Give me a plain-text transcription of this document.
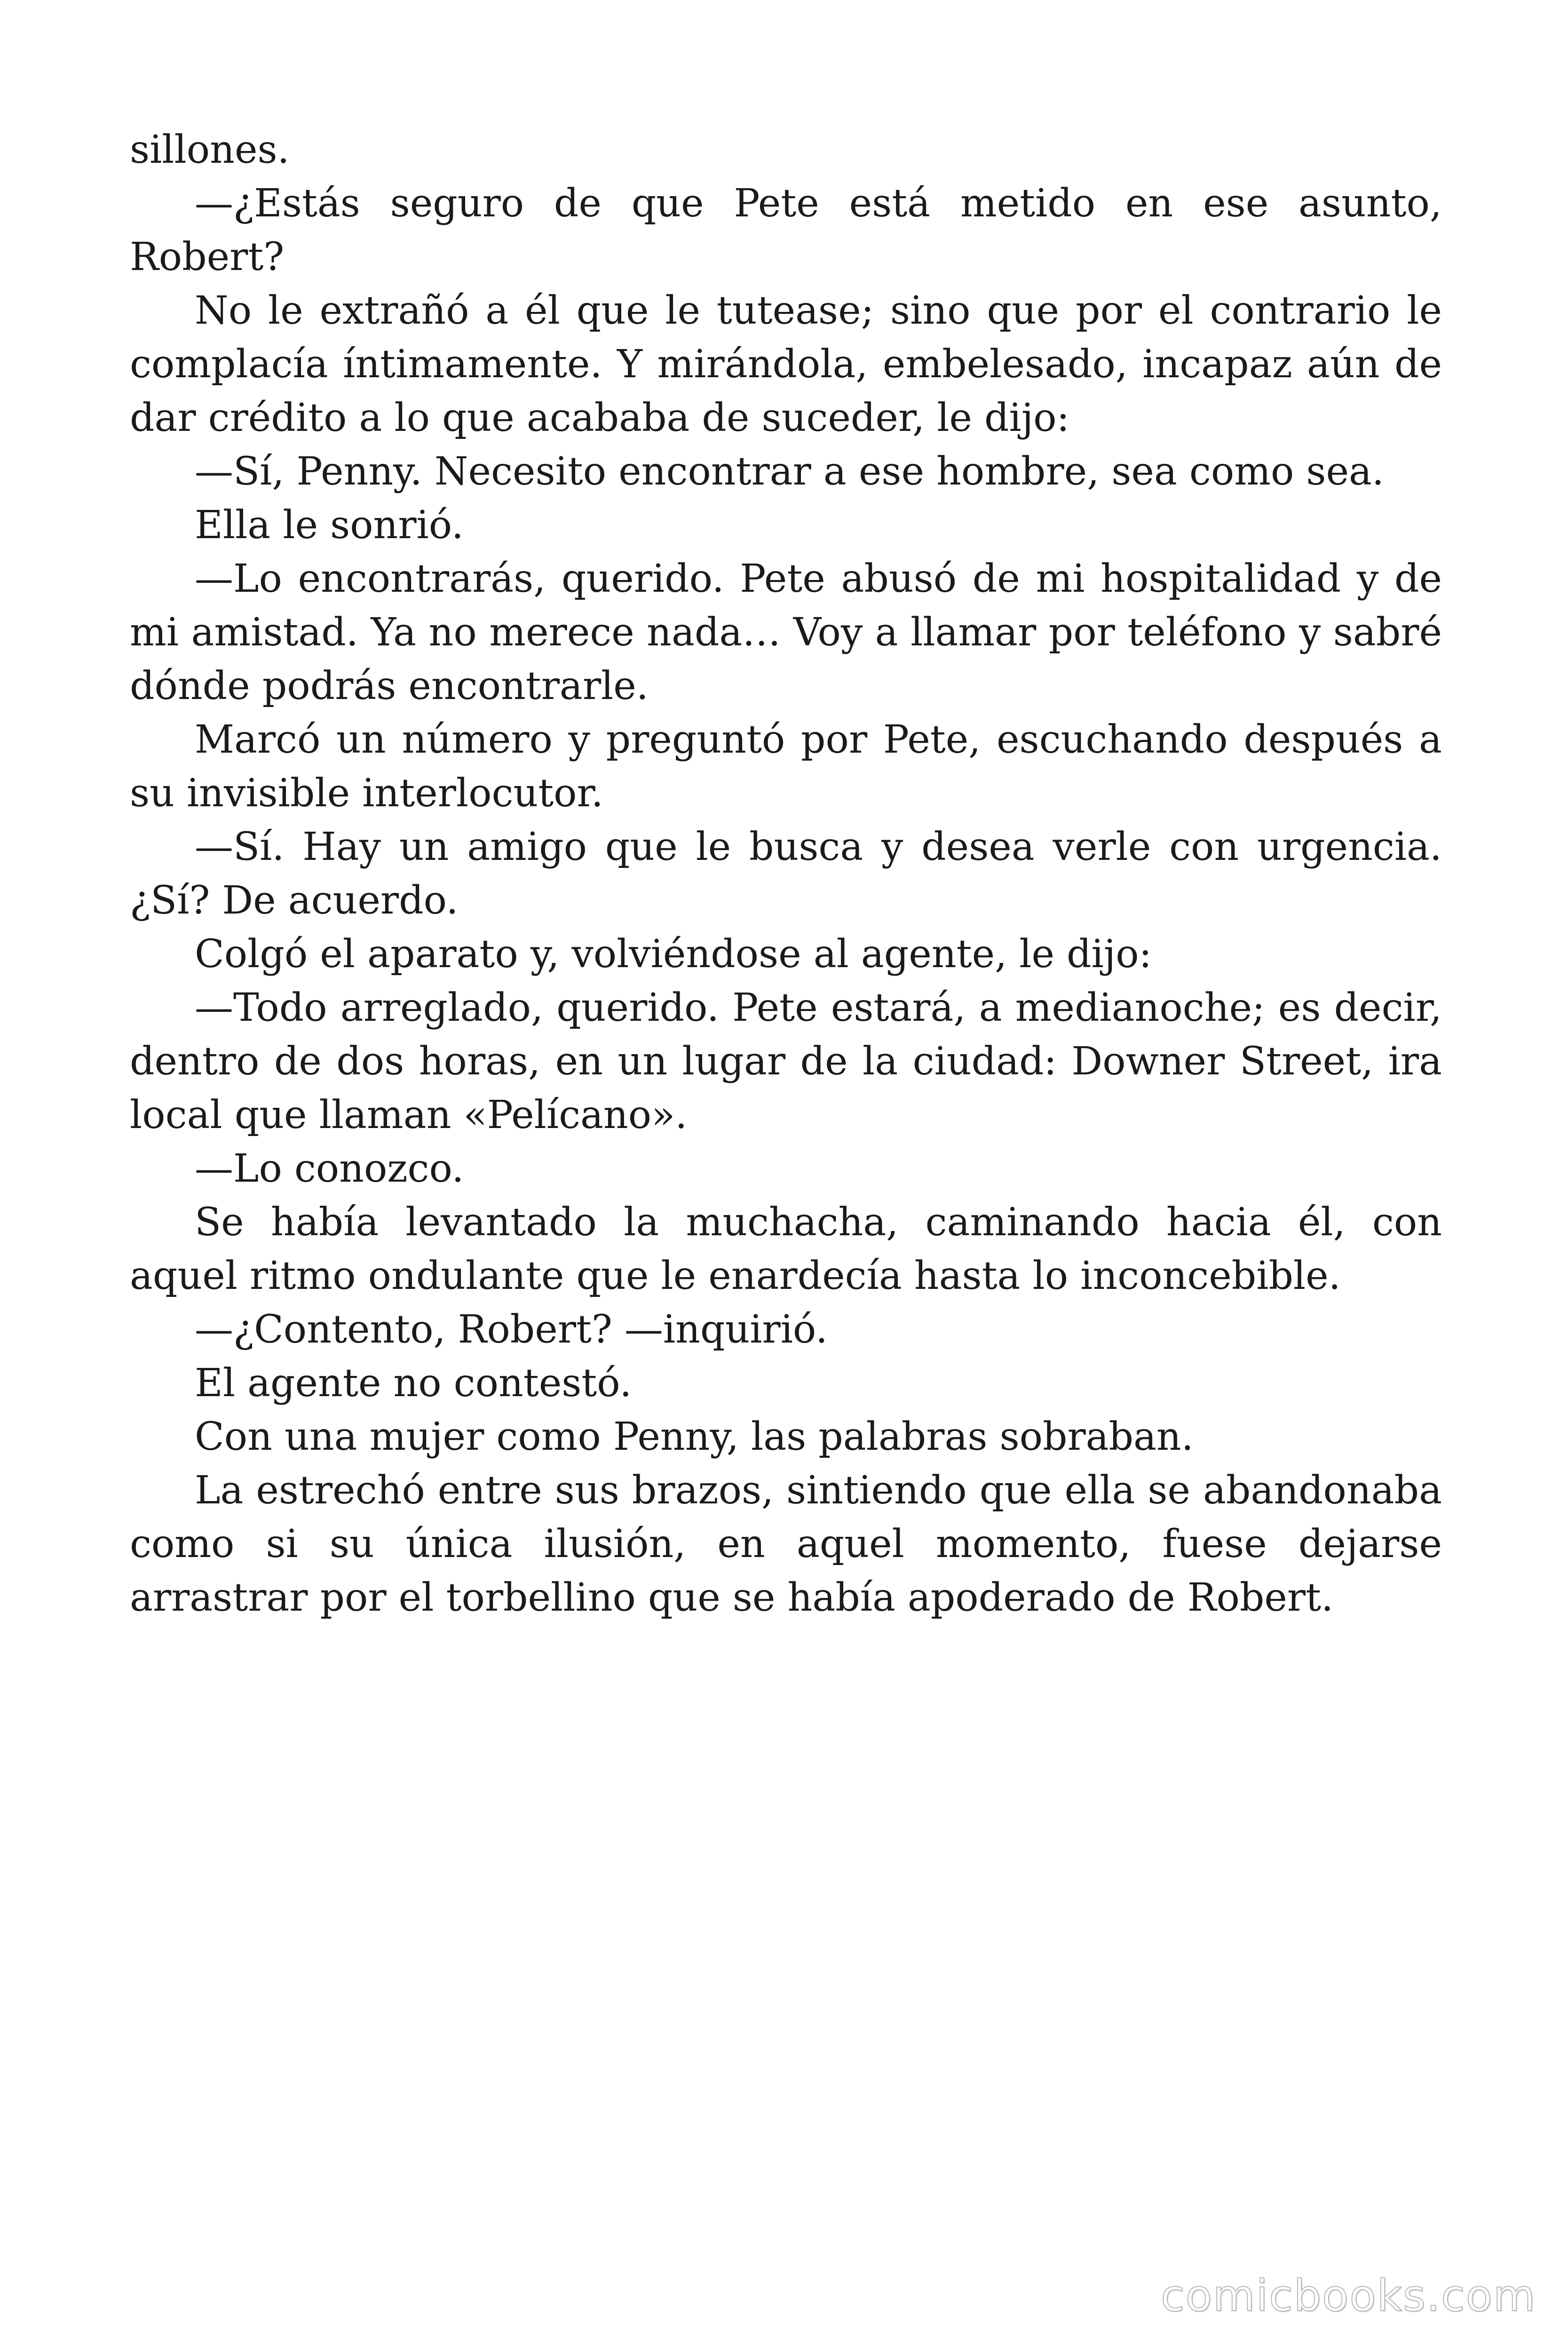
sillones.

—¿Estás seguro de que Pete está metido en ese asunto, Robert?

No le extrañó a él que le tutease; sino que por el contrario le complacía íntimamente. Y mirándola, embelesado, incapaz aún de dar crédito a lo que acababa de suceder, le dijo:

—Sí, Penny. Necesito encontrar a ese hombre, sea como sea.

Ella le sonrió.

—Lo encontrarás, querido. Pete abusó de mi hospitalidad y de mi amistad. Ya no merece nada… Voy a llamar por teléfono y sabré dónde podrás encontrarle.

Marcó un número y preguntó por Pete, escuchando después a su invisible interlocutor.

—Sí. Hay un amigo que le busca y desea verle con urgencia. ¿Sí? De acuerdo.

Colgó el aparato y, volviéndose al agente, le dijo:

—Todo arreglado, querido. Pete estará, a medianoche; es decir, dentro de dos horas, en un lugar de la ciudad: Downer Street, ira local que llaman «Pelícano».

—Lo conozco.

Se había levantado la muchacha, caminando hacia él, con aquel ritmo ondulante que le enardecía hasta lo inconcebible.

—¿Contento, Robert? —inquirió.

El agente no contestó.

Con una mujer como Penny, las palabras sobraban.

La estrechó entre sus brazos, sintiendo que ella se abandonaba como si su única ilusión, en aquel momento, fuese dejarse arrastrar por el torbellino que se había apoderado de Robert.

comicbooks.com
